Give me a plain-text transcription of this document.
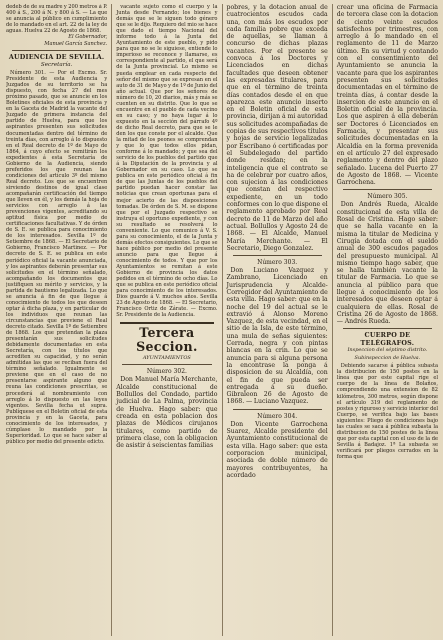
dedeb de de su madre y 200 metros á P. 400 á S., 200 á N. y 800 á S. — La que se anuncia al público en cumplimiento de lo mandado en el art. 22 de la ley de aguas. Huelva 22 de Agosto de 1868.

El Gobernador,

Manuel García Sanchez.

AUDIENCIA DE SEVILLA.

Secretaría.

Número 301. — Por el Excmo. Sr. Presidente de esta Audiencia y Juzgados de su territorio se ha dispuesto, con fecha 27 del mes próximo pasado, que se anuncie en los Boletines oficiales de esta provincia y en la Gaceta de Madrid la vacante del Juzgado de primera instancia del partido de Huelva, para que los aspirantes presenten sus solicitudes documentadas dentro del término de treinta días, con arreglo á lo dispuesto en el Real decreto de 1º de Mayo de 1864, á cuyo efecto se remitirán los expedientes á esta Secretaría de Gobierno de la Audiencia, siendo preferidos los que reunan las condiciones del artículo 3º del mismo Real decreto. Los que se encuentren sirviendo destinos de igual clase acompañarán certificación del tiempo que lleven en él, y los demás la hoja de servicios con arreglo á las prevenciones vigentes, acreditando su aptitud física por medio de certificaciones facultativas. Y de órden de S. E. se publica para conocimiento de los interesados. Sevilla 1º de Setiembre de 1868. — El Secretario de Gobierno, Francisco Martinez. — Por decreto de S. E. se publica en este periódico oficial la vacante anunciada, y los aspirantes deberán presentar sus solicitudes en el término señalado, acompañando los documentos que justifiquen su mérito y servicios, y la partida de bautismo legalizada. Lo que se anuncia á fin de que llegue á conocimiento de todos los que deseen optar á dicha plaza, y en particular de los individuos que reunan las circunstancias que previene el Real decreto citado. Sevilla 1º de Setiembre de 1868. Los que pretendan la plaza presentarán sus solicitudes debidamente documentadas en esta Secretaría, con los títulos que acrediten su capacidad, y no serán admitidas las que se reciban fuera del término señalado. Igualmente se previene que en el caso de no presentarse aspirante alguno que reuna las condiciones prescritas, se procederá al nombramiento con arreglo á lo dispuesto en las leyes vigentes. Sevilla fecha ut supra. Publíquese en el Boletin oficial de esta provincia y en la Gaceta, para conocimiento de los interesados, y cúmplase lo mandado por la Superioridad. Lo que se hace saber al público por medio del presente edicto.

vacante sujeto como el cuerpo y la Junta desde Fernando; los bienes y demás que se le siguen todo género que se le dijo. Requiero del mio se hace que dado el tiempo Nacional del informe todo á la Junta del Ayuntamiento de este pueblo, y pido para que no se le siguiese, entiende lo imperioso se reconoce y llamarse, es correspondiente al partido, el que será de la Junta provincial. Lo mismo se pueda emplear en cada respecto del señor del mismo que se expresan en el auto de 31 de Mayo y de 1º de Junio del año actual. Que por los señores de número de 10, 20 diarios, más y más se cuenten en su distrito. Que lo que se encuentre en el pueblo de cada vecino en su caso; y no haya lugar á lo expuesto en la sección del párrafo 4º de dicho Real decreto, para que se le den los que conste por el alcalde. Que la mitad de los peones se comprendan y que lo que todos ellos pidan, conforme á lo mandado; y que sea del servicio de los pueblos del partido que á la Diputación de la provincia y al Gobernador en su caso. Lo que se publica en este periódico oficial á fin de que las Juntas de los pueblos del partido puedan hacer constar las noticias que crean oportunas para el mejor acierto de las disposiciones tomadas. De órden de S. M. se dispone que por el Juzgado respectivo se instruya el oportuno expediente, y con su resultado se resolverá lo conveniente. Lo que comunico á V. S. para su conocimiento, el de la Junta y demás efectos consiguientes. Lo que se hace público por medio del presente anuncio para que llegue á conocimiento de todos. Y que por los Ayuntamientos se remitan á este Gobierno de provincia los datos pedidos en el término de ocho días. Lo que se publica en este periódico oficial para conocimiento de los interesados. Dios guarde á V. muchos años. Sevilla 23 de Agosto de 1868. — El Secretario, Francisco Ortiz de Zárate. — Excmo. Sr. Presidente de la Audiencia.

Tercera Seccion.

AYUNTAMIENTOS

Número 302.

Don Manuel María Merchante, Alcalde constitucional de Bollullos del Condado, partido judicial de La Palma, provincia de Huelva. Hago saber: que creada en esta poblacion dos plazas de Médicos cirujanos titulares, como partido de primera clase, con la obligacion de asistir á seiscientas familias

pobres, y la dotacion anual de cuatrocientos escudos cada una, con más los escudos por cada familia pobre que exceda de aquellas, se llaman á concurso de dichas plazas vacantes. Por el presente se convoca á los Doctores y Licenciados en dichas facultades que deseen obtener las expresadas titulares, para que en el término de treinta días contados desde el en que aparezca este anuncio inserto en el Boletin oficial de esta provincia, dirijan á mi autoridad sus solicitudes acompañadas de copias de sus respectivos títulos y hojas de servicio legalizadas por Escribano ó certificadas por el Subdelegado del partido donde residan; en la inteligencia que el contrato se ha de celebrar por cuatro años, con sujecion á las condiciones que constan del respectivo expediente, en un todo conformes con lo que dispone el reglamento aprobado por Real decreto de 11 de Marzo del año actual. Bollullos y Agosto 24 de 1868. — El Alcalde, Manuel María Merchante. — El Secretario, Diego Gonzalez.

Número 303.

Don Luciano Vazquez y Zambrano, Licenciado en Jurisprudencia y Alcalde-Corregidor del Ayuntamiento de esta villa. Hago saber: que en la noche del 19 del actual se le extravió á Alonso Moreno Vazquez, de esta vecindad, en el sitio de la Isla, de este término, una mula de señas siguientes: Cerrada, negra y con pintas blancas en la crin. Lo que se anuncia para si alguna persona la encontrase la ponga á disposicion de su Alcaldía, con el fin de que pueda ser entregada á su dueño. Gibraleon 26 de Agosto de 1868. — Luciano Vazquez.

Número 304.

Don Vicente Garrochena Suarez, Alcalde presidente del Ayuntamiento constitucional de esta villa. Hago saber: que esta corporacion municipal, asociada de doble número de mayores contribuyentes, ha acordado

crear una oficina de Farmacia de tercera clase con la dotacion de ciento veinte escudos satisfechos por trimestres, con arreglo á lo mandado en el reglamento de 11 de Marzo último. En su virtud y contando con el consentimiento del Ayuntamiento se anuncia la vacante para que los aspirantes presenten sus solicitudes documentadas en el término de treinta días, á contar desde la insercion de este anuncio en el Boletin oficial de la provincia. Los que aspiren á ella deberán ser Doctores ó Licenciados en Farmacia, y presentar sus solicitudes documentadas en la Alcaldía en la forma prevenida en el artículo 27 del expresado reglamento y dentro del plazo señalado. Lucena del Puerto 27 de Agosto de 1868. — Vicente Garrochena.

Número 305.

Don Andrés Rueda, Alcalde constitucional de esta villa de Rosal de Cristina. Hago saber: que se halla vacante en la misma la titular de Medicina y Cirugía dotada con el sueldo anual de 300 escudos pagados del presupuesto municipal. Al mismo tiempo hago saber, que se halla también vacante la titular de Farmacia. Lo que se anuncia al público para que llegue á conocimiento de los interesados que deseen optar á cualquiera de ellas. Rosal de Cristina 26 de Agosto de 1868. — Andrés Rueda.

CUERPO DE TELÉGRAFOS.

Inspeccion del séptimo distrito.

Subinspeccion de Huelva.

Debiendo sacarse á pública subasta la distribucion de 150 postes en la línea que por este capital rige el cuerpo de la línea de Bolaños, comprendiendo una extension de 82 kilómetros, 300 metros, según dispone el artículo 319 del reglamento de postes y riguroso y servicio interior del Cuerpo, se verifica bajo las bases siguientes: Pliego de condiciones bajo las cuales se saca á pública subasta la distribucion de 150 postes de la línea que por esta capital con el uso de la de Sevilla á Badajoz. 1ª La subasta se verificará por pliegos cerrados en la forma que
